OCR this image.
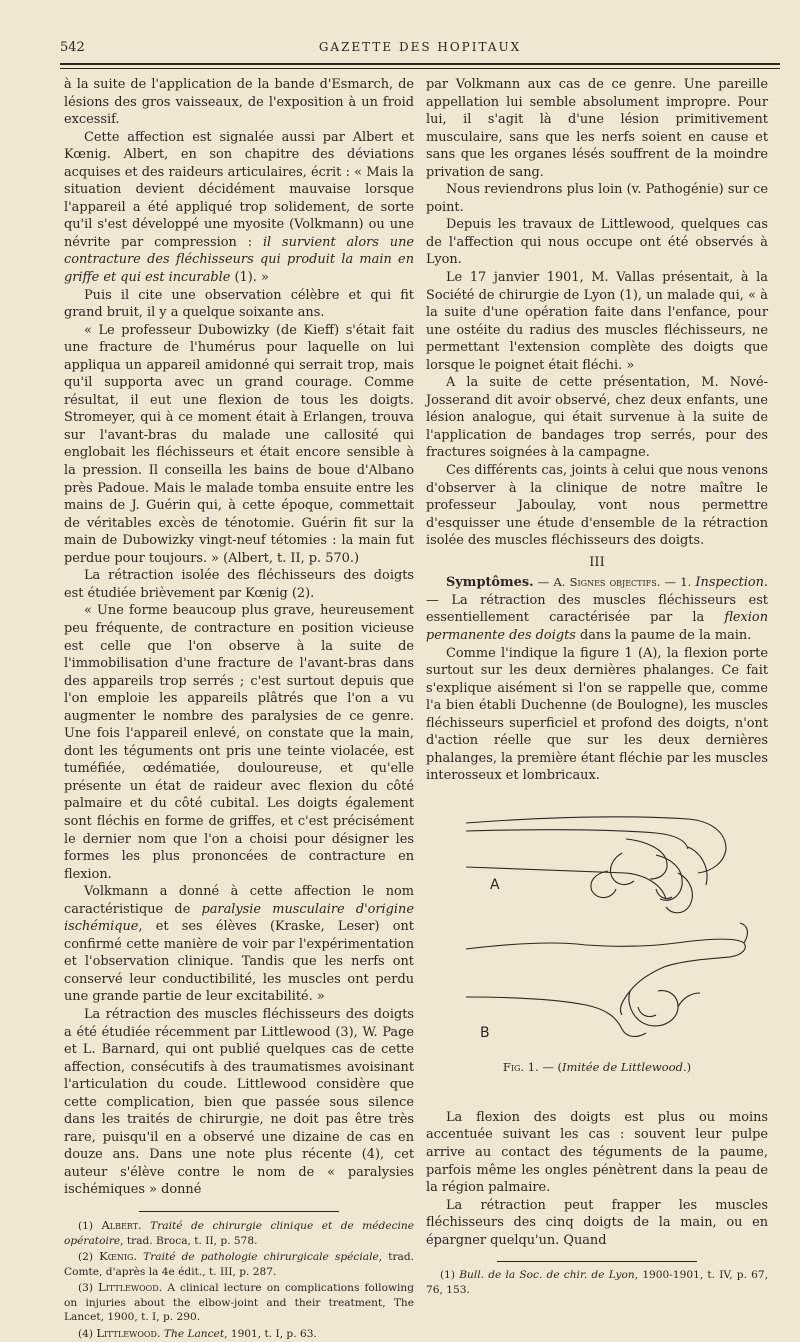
542	GAZETTE DES HOPITAUX

à la suite de l'application de la bande d'Esmarch, de lésions des gros vaisseaux, de l'exposition à un froid excessif.

Cette affection est signalée aussi par Albert et Kœnig. Albert, en son chapitre des déviations acquises et des raideurs articulaires, écrit : « Mais la situation devient décidément mauvaise lorsque l'appareil a été appliqué trop solidement, de sorte qu'il s'est développé une myosite (Volkmann) ou une névrite par compression : il survient alors une contracture des fléchisseurs qui produit la main en griffe et qui est incurable (1). »

Puis il cite une observation célèbre et qui fit grand bruit, il y a quelque soixante ans.

« Le professeur Dubowizky (de Kieff) s'était fait une fracture de l'humérus pour laquelle on lui appliqua un appareil amidonné qui serrait trop, mais qu'il supporta avec un grand courage. Comme résultat, il eut une flexion de tous les doigts. Stromeyer, qui à ce moment était à Erlangen, trouva sur l'avant-bras du malade une callosité qui englobait les fléchisseurs et était encore sensible à la pression. Il conseilla les bains de boue d'Albano près Padoue. Mais le malade tomba ensuite entre les mains de J. Guérin qui, à cette époque, commettait de véritables excès de ténotomie. Guérin fit sur la main de Dubowizky vingt-neuf tétomies : la main fut perdue pour toujours. » (Albert, t. II, p. 570.)

La rétraction isolée des fléchisseurs des doigts est étudiée brièvement par Kœnig (2).

« Une forme beaucoup plus grave, heureusement peu fréquente, de contracture en position vicieuse est celle que l'on observe à la suite de l'immobilisation d'une fracture de l'avant-bras dans des appareils trop serrés ; c'est surtout depuis que l'on emploie les appareils plâtrés que l'on a vu augmenter le nombre des paralysies de ce genre. Une fois l'appareil enlevé, on constate que la main, dont les téguments ont pris une teinte violacée, est tuméfiée, œdématiée, douloureuse, et qu'elle présente un état de raideur avec flexion du côté palmaire et du côté cubital. Les doigts également sont fléchis en forme de griffes, et c'est précisément le dernier nom que l'on a choisi pour désigner les formes les plus prononcées de contracture en flexion.

Volkmann a donné à cette affection le nom caractéristique de paralysie musculaire d'origine ischémique, et ses élèves (Kraske, Leser) ont confirmé cette manière de voir par l'expérimentation et l'observation clinique. Tandis que les nerfs ont conservé leur conductibilité, les muscles ont perdu une grande partie de leur excitabilité. »

La rétraction des muscles fléchisseurs des doigts a été étudiée récemment par Littlewood (3), W. Page et L. Barnard, qui ont publié quelques cas de cette affection, consécutifs à des traumatismes avoisinant l'articulation du coude. Littlewood considère que cette complication, bien que passée sous silence dans les traités de chirurgie, ne doit pas être très rare, puisqu'il en a observé une dizaine de cas en douze ans. Dans une note plus récente (4), cet auteur s'élève contre le nom de « paralysies ischémiques » donné

(1) Albert. Traité de chirurgie clinique et de médecine opératoire, trad. Broca, t. II, p. 578.

(2) Kœnig. Traité de pathologie chirurgicale spéciale, trad. Comte, d'après la 4e édit., t. III, p. 287.

(3) Littlewood. A clinical lecture on complications following on injuries about the elbow-joint and their treatment, The Lancet, 1900, t. I, p. 290.

(4) Littlewood. The Lancet, 1901, t. I, p. 63.

par Volkmann aux cas de ce genre. Une pareille appellation lui semble absolument impropre. Pour lui, il s'agit là d'une lésion primitivement musculaire, sans que les nerfs soient en cause et sans que les organes lésés souffrent de la moindre privation de sang.

Nous reviendrons plus loin (v. Pathogénie) sur ce point.

Depuis les travaux de Littlewood, quelques cas de l'affection qui nous occupe ont été observés à Lyon.

Le 17 janvier 1901, M. Vallas présentait, à la Société de chirurgie de Lyon (1), un malade qui, « à la suite d'une opération faite dans l'enfance, pour une ostéite du radius des muscles fléchisseurs, ne permettant l'extension complète des doigts que lorsque le poignet était fléchi. »

A la suite de cette présentation, M. Nové-Josserand dit avoir observé, chez deux enfants, une lésion analogue, qui était survenue à la suite de l'application de bandages trop serrés, pour des fractures soignées à la campagne.

Ces différents cas, joints à celui que nous venons d'observer à la clinique de notre maître le professeur Jaboulay, vont nous permettre d'esquisser une étude d'ensemble de la rétraction isolée des muscles fléchisseurs des doigts.

III

Symptômes. — A. Signes objectifs. — 1. Inspection. — La rétraction des muscles fléchisseurs est essentiellement caractérisée par la flexion permanente des doigts dans la paume de la main.

Comme l'indique la figure 1 (A), la flexion porte surtout sur les deux dernières phalanges. Ce fait s'explique aisément si l'on se rappelle que, comme l'a bien établi Duchenne (de Boulogne), les muscles fléchisseurs superficiel et profond des doigts, n'ont d'action réelle que sur les deux dernières phalanges, la première étant fléchie par les muscles interosseux et lombricaux.

A
B
Fig. 1. — (Imitée de Littlewood.)

La flexion des doigts est plus ou moins accentuée suivant les cas : souvent leur pulpe arrive au contact des téguments de la paume, parfois même les ongles pénètrent dans la peau de la région palmaire.

La rétraction peut frapper les muscles fléchisseurs des cinq doigts de la main, ou en épargner quelqu'un. Quand

(1) Bull. de la Soc. de chir. de Lyon, 1900-1901, t. IV, p. 67, 76, 153.
